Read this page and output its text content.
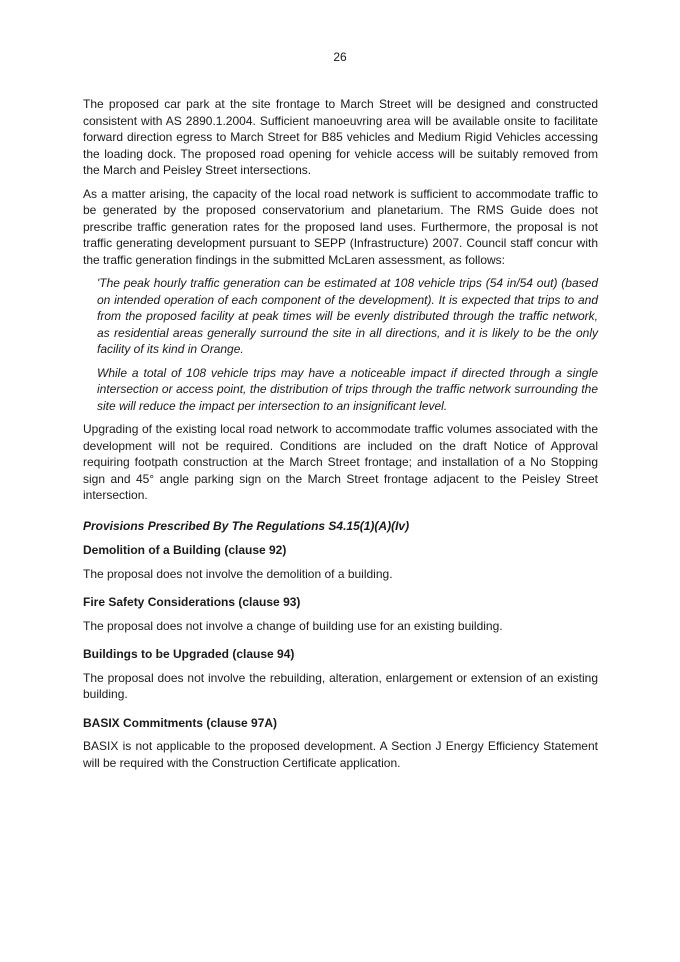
26

The proposed car park at the site frontage to March Street will be designed and constructed consistent with AS 2890.1.2004. Sufficient manoeuvring area will be available onsite to facilitate forward direction egress to March Street for B85 vehicles and Medium Rigid Vehicles accessing the loading dock. The proposed road opening for vehicle access will be suitably removed from the March and Peisley Street intersections.

As a matter arising, the capacity of the local road network is sufficient to accommodate traffic to be generated by the proposed conservatorium and planetarium. The RMS Guide does not prescribe traffic generation rates for the proposed land uses. Furthermore, the proposal is not traffic generating development pursuant to SEPP (Infrastructure) 2007. Council staff concur with the traffic generation findings in the submitted McLaren assessment, as follows:

'The peak hourly traffic generation can be estimated at 108 vehicle trips (54 in/54 out) (based on intended operation of each component of the development). It is expected that trips to and from the proposed facility at peak times will be evenly distributed through the traffic network, as residential areas generally surround the site in all directions, and it is likely to be the only facility of its kind in Orange.

While a total of 108 vehicle trips may have a noticeable impact if directed through a single intersection or access point, the distribution of trips through the traffic network surrounding the site will reduce the impact per intersection to an insignificant level.

Upgrading of the existing local road network to accommodate traffic volumes associated with the development will not be required. Conditions are included on the draft Notice of Approval requiring footpath construction at the March Street frontage; and installation of a No Stopping sign and 45° angle parking sign on the March Street frontage adjacent to the Peisley Street intersection.

Provisions Prescribed By The Regulations S4.15(1)(A)(Iv)
Demolition of a Building (clause 92)

The proposal does not involve the demolition of a building.

Fire Safety Considerations (clause 93)

The proposal does not involve a change of building use for an existing building.

Buildings to be Upgraded (clause 94)

The proposal does not involve the rebuilding, alteration, enlargement or extension of an existing building.

BASIX Commitments (clause 97A)

BASIX is not applicable to the proposed development. A Section J Energy Efficiency Statement will be required with the Construction Certificate application.
